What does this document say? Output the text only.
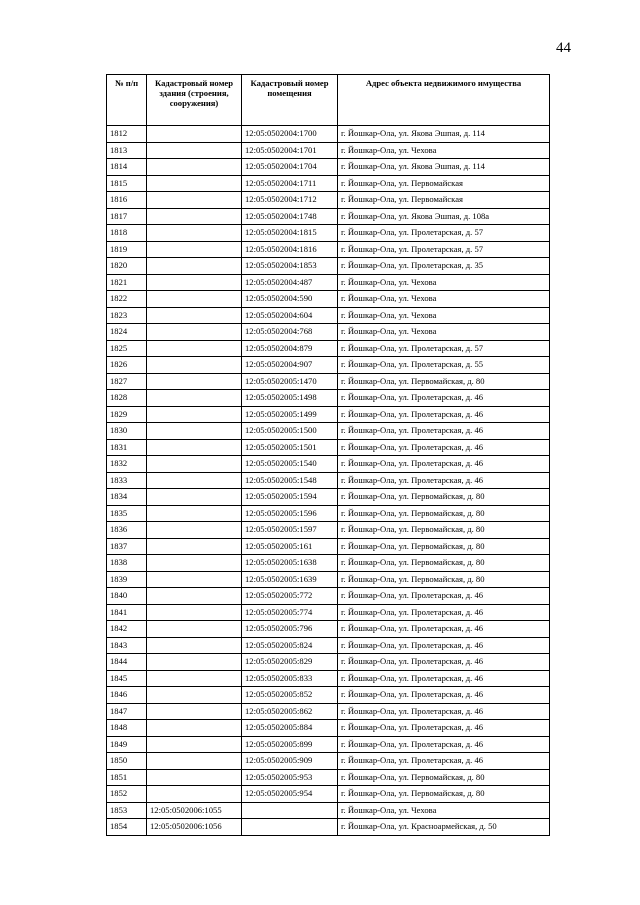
44
№ п/п	Кадастровый номер здания (строения, сооружения)	Кадастровый номер помещения	Адрес объекта недвижимого имущества
1812		12:05:0502004:1700	г. Йошкар-Ола, ул. Якова Эшпая, д. 114
1813		12:05:0502004:1701	г. Йошкар-Ола, ул. Чехова
1814		12:05:0502004:1704	г. Йошкар-Ола, ул. Якова Эшпая, д. 114
1815		12:05:0502004:1711	г. Йошкар-Ола, ул. Первомайская
1816		12:05:0502004:1712	г. Йошкар-Ола, ул. Первомайская
1817		12:05:0502004:1748	г. Йошкар-Ола, ул. Якова Эшпая, д. 108а
1818		12:05:0502004:1815	г. Йошкар-Ола, ул. Пролетарская, д. 57
1819		12:05:0502004:1816	г. Йошкар-Ола, ул. Пролетарская, д. 57
1820		12:05:0502004:1853	г. Йошкар-Ола, ул. Пролетарская, д. 35
1821		12:05:0502004:487	г. Йошкар-Ола, ул. Чехова
1822		12:05:0502004:590	г. Йошкар-Ола, ул. Чехова
1823		12:05:0502004:604	г. Йошкар-Ола, ул. Чехова
1824		12:05:0502004:768	г. Йошкар-Ола, ул. Чехова
1825		12:05:0502004:879	г. Йошкар-Ола, ул. Пролетарская, д. 57
1826		12:05:0502004:907	г. Йошкар-Ола, ул. Пролетарская, д. 55
1827		12:05:0502005:1470	г. Йошкар-Ола, ул. Первомайская, д. 80
1828		12:05:0502005:1498	г. Йошкар-Ола, ул. Пролетарская, д. 46
1829		12:05:0502005:1499	г. Йошкар-Ола, ул. Пролетарская, д. 46
1830		12:05:0502005:1500	г. Йошкар-Ола, ул. Пролетарская, д. 46
1831		12:05:0502005:1501	г. Йошкар-Ола, ул. Пролетарская, д. 46
1832		12:05:0502005:1540	г. Йошкар-Ола, ул. Пролетарская, д. 46
1833		12:05:0502005:1548	г. Йошкар-Ола, ул. Пролетарская, д. 46
1834		12:05:0502005:1594	г. Йошкар-Ола, ул. Первомайская, д. 80
1835		12:05:0502005:1596	г. Йошкар-Ола, ул. Первомайская, д. 80
1836		12:05:0502005:1597	г. Йошкар-Ола, ул. Первомайская, д. 80
1837		12:05:0502005:161	г. Йошкар-Ола, ул. Первомайская, д. 80
1838		12:05:0502005:1638	г. Йошкар-Ола, ул. Первомайская, д. 80
1839		12:05:0502005:1639	г. Йошкар-Ола, ул. Первомайская, д. 80
1840		12:05:0502005:772	г. Йошкар-Ола, ул. Пролетарская, д. 46
1841		12:05:0502005:774	г. Йошкар-Ола, ул. Пролетарская, д. 46
1842		12:05:0502005:796	г. Йошкар-Ола, ул. Пролетарская, д. 46
1843		12:05:0502005:824	г. Йошкар-Ола, ул. Пролетарская, д. 46
1844		12:05:0502005:829	г. Йошкар-Ола, ул. Пролетарская, д. 46
1845		12:05:0502005:833	г. Йошкар-Ола, ул. Пролетарская, д. 46
1846		12:05:0502005:852	г. Йошкар-Ола, ул. Пролетарская, д. 46
1847		12:05:0502005:862	г. Йошкар-Ола, ул. Пролетарская, д. 46
1848		12:05:0502005:884	г. Йошкар-Ола, ул. Пролетарская, д. 46
1849		12:05:0502005:899	г. Йошкар-Ола, ул. Пролетарская, д. 46
1850		12:05:0502005:909	г. Йошкар-Ола, ул. Пролетарская, д. 46
1851		12:05:0502005:953	г. Йошкар-Ола, ул. Первомайская, д. 80
1852		12:05:0502005:954	г. Йошкар-Ола, ул. Первомайская, д. 80
1853	12:05:0502006:1055		г. Йошкар-Ола, ул. Чехова
1854	12:05:0502006:1056		г. Йошкар-Ола, ул. Красноармейская, д. 50
